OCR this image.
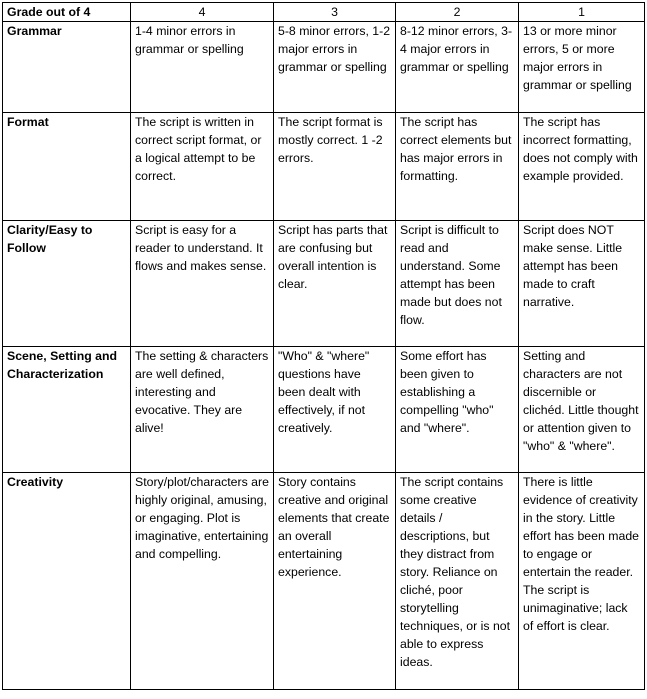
Grade out of 4	4	3	2	1
Grammar	1-4 minor errors in grammar or spelling	5-8 minor errors, 1-2 major errors in grammar or spelling	8-12 minor errors, 3-4 major errors in grammar or spelling	13 or more minor errors, 5 or more major errors in grammar or spelling
Format	The script is written in correct script format, or a logical attempt to be correct.	The script format is mostly correct. 1 -2 errors.	The script has correct elements but has major errors in formatting.	The script has incorrect formatting, does not comply with example provided.
Clarity/Easy to Follow	Script is easy for a reader to understand. It flows and makes sense.	Script has parts that are confusing but overall intention is clear.	Script is difficult to read and understand. Some attempt has been made but does not flow.	Script does NOT make sense. Little attempt has been made to craft narrative.
Scene, Setting and Characterization	The setting & characters are well defined, interesting and evocative. They are alive!	"Who" & "where" questions have been dealt with effectively, if not creatively.	Some effort has been given to establishing a compelling "who" and "where".	Setting and characters are not discernible or clichéd. Little thought or attention given to "who" & "where".
Creativity	Story/plot/characters are highly original, amusing, or engaging. Plot is imaginative, entertaining and compelling.	Story contains creative and original elements that create an overall entertaining experience.	The script contains some creative details / descriptions, but they distract from story. Reliance on cliché, poor storytelling techniques, or is not able to express ideas.	There is little evidence of creativity in the story. Little effort has been made to engage or entertain the reader. The script is unimaginative; lack of effort is clear.
